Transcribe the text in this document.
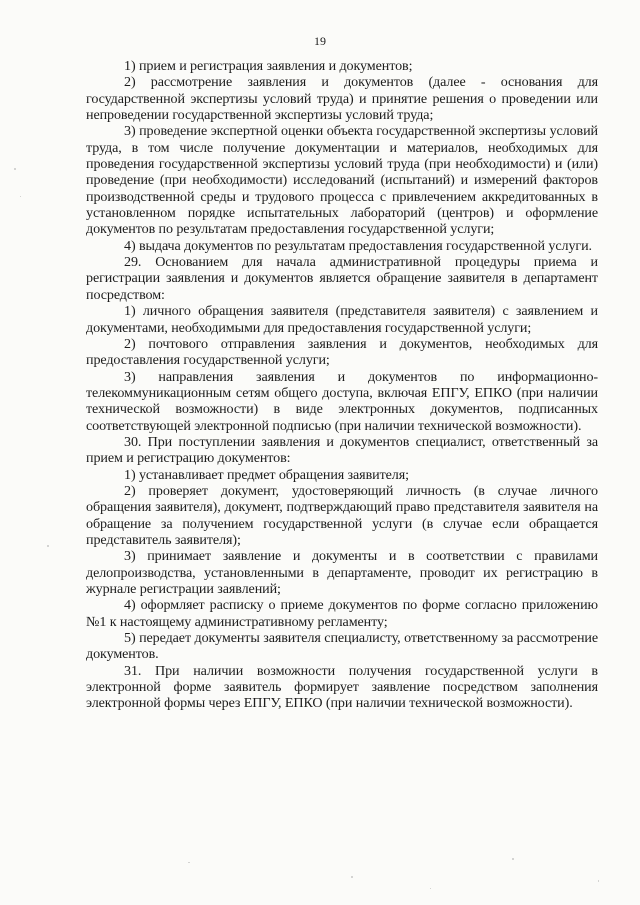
19

1) прием и регистрация заявления и документов;

2) рассмотрение заявления и документов (далее - основания для государственной экспертизы условий труда) и принятие решения о проведении или непроведении государственной экспертизы условий труда;

3) проведение экспертной оценки объекта государственной экспертизы условий труда, в том числе получение документации и материалов, необходимых для проведения государственной экспертизы условий труда (при необходимости) и (или) проведение (при необходимости) исследований (испытаний) и измерений факторов производственной среды и трудового процесса с привлечением аккредитованных в установленном порядке испытательных лабораторий (центров) и оформление документов по результатам предоставления государственной услуги;

4) выдача документов по результатам предоставления государственной услуги.

29. Основанием для начала административной процедуры приема и регистрации заявления и документов является обращение заявителя в департамент посредством:

1) личного обращения заявителя (представителя заявителя) с заявлением и документами, необходимыми для предоставления государственной услуги;

2) почтового отправления заявления и документов, необходимых для предоставления государственной услуги;

3) направления заявления и документов по информационно-телекоммуникационным сетям общего доступа, включая ЕПГУ, ЕПКО (при наличии технической возможности) в виде электронных документов, подписанных соответствующей электронной подписью (при наличии технической возможности).

30. При поступлении заявления и документов специалист, ответственный за прием и регистрацию документов:

1) устанавливает предмет обращения заявителя;

2) проверяет документ, удостоверяющий личность (в случае личного обращения заявителя), документ, подтверждающий право представителя заявителя на обращение за получением государственной услуги (в случае если обращается представитель заявителя);

3) принимает заявление и документы и в соответствии с правилами делопроизводства, установленными в департаменте, проводит их регистрацию в журнале регистрации заявлений;

4) оформляет расписку о приеме документов по форме согласно приложению №1 к настоящему административному регламенту;

5) передает документы заявителя специалисту, ответственному за рассмотрение документов.

31. При наличии возможности получения государственной услуги в электронной форме заявитель формирует заявление посредством заполнения электронной формы через ЕПГУ, ЕПКО (при наличии технической возможности).
